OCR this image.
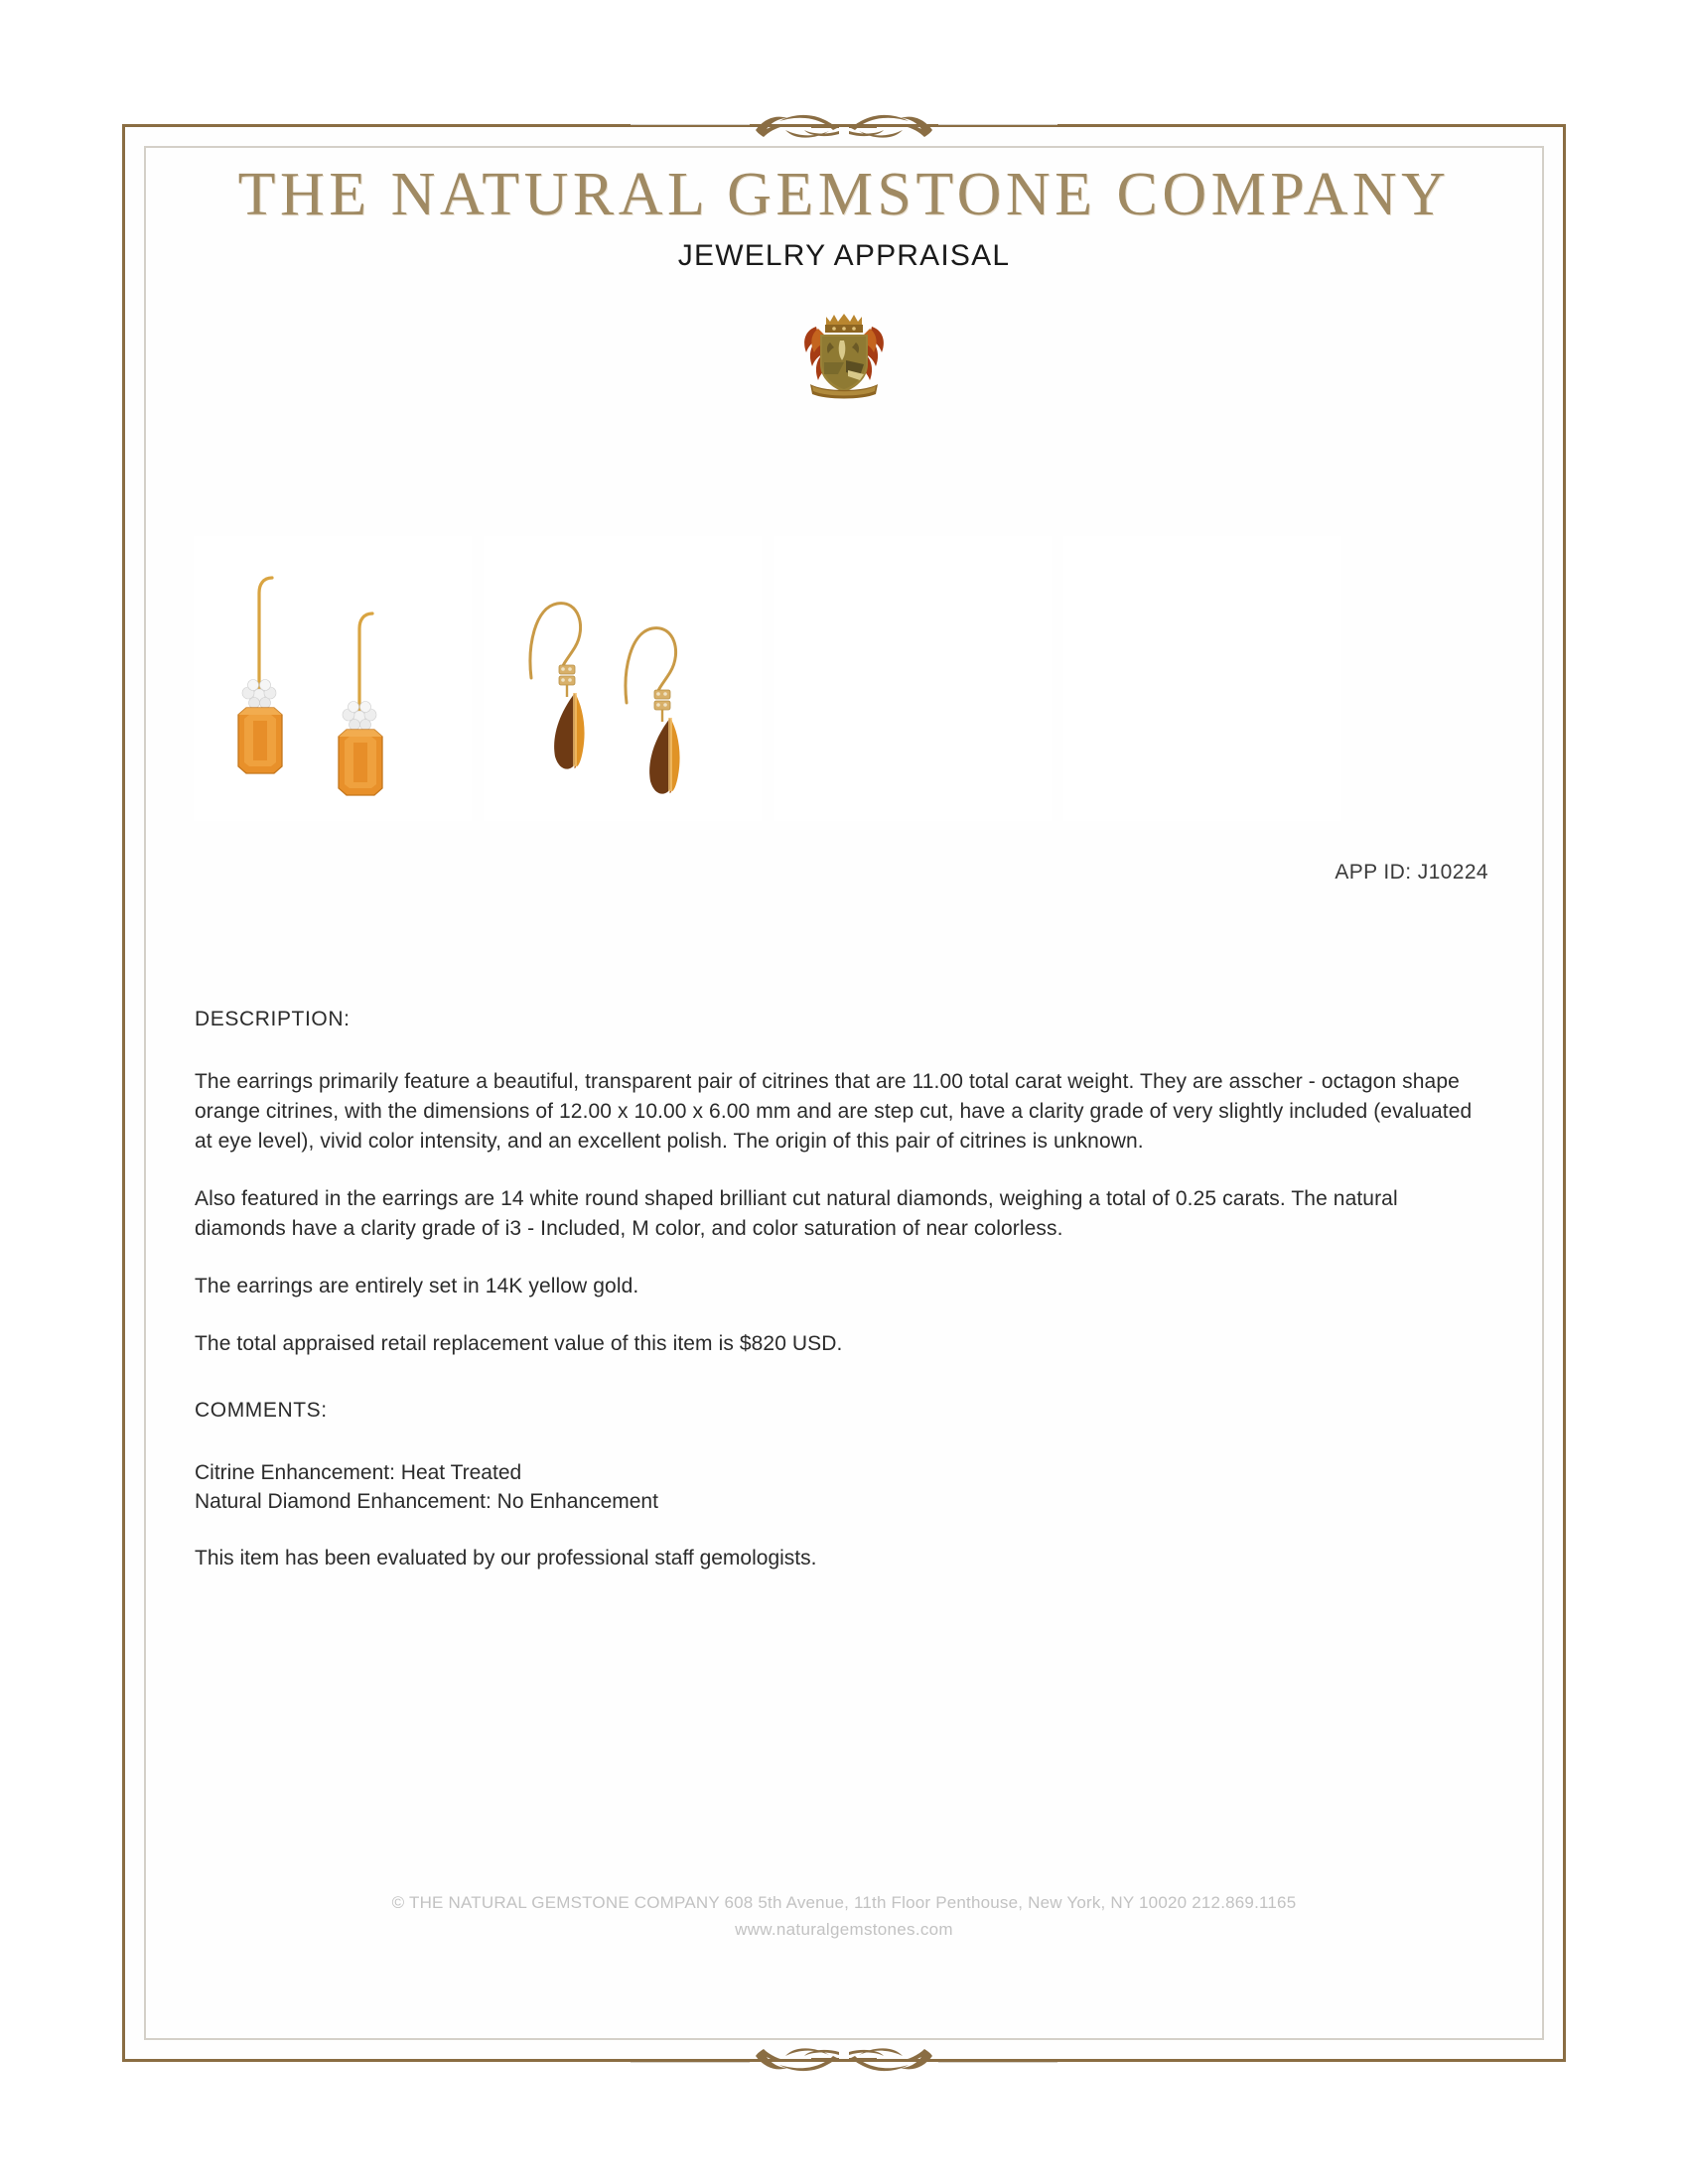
THE NATURAL GEMSTONE COMPANY
JEWELRY APPRAISAL
APP ID: J10224
DESCRIPTION:

The earrings primarily feature a beautiful, transparent pair of citrines that are 11.00 total carat weight. They are asscher - octagon shape orange citrines, with the dimensions of 12.00 x 10.00 x 6.00 mm and are step cut, have a clarity grade of very slightly included (evaluated at eye level), vivid color intensity, and an excellent polish. The origin of this pair of citrines is unknown.

Also featured in the earrings are 14 white round shaped brilliant cut natural diamonds, weighing a total of 0.25 carats. The natural diamonds have a clarity grade of i3 - Included, M color, and color saturation of near colorless.

The earrings are entirely set in 14K yellow gold.

The total appraised retail replacement value of this item is $820 USD.

COMMENTS:

Citrine Enhancement: Heat Treated

Natural Diamond Enhancement: No Enhancement

This item has been evaluated by our professional staff gemologists.

© THE NATURAL GEMSTONE COMPANY 608 5th Avenue, 11th Floor Penthouse, New York, NY 10020 212.869.1165
www.naturalgemstones.com
